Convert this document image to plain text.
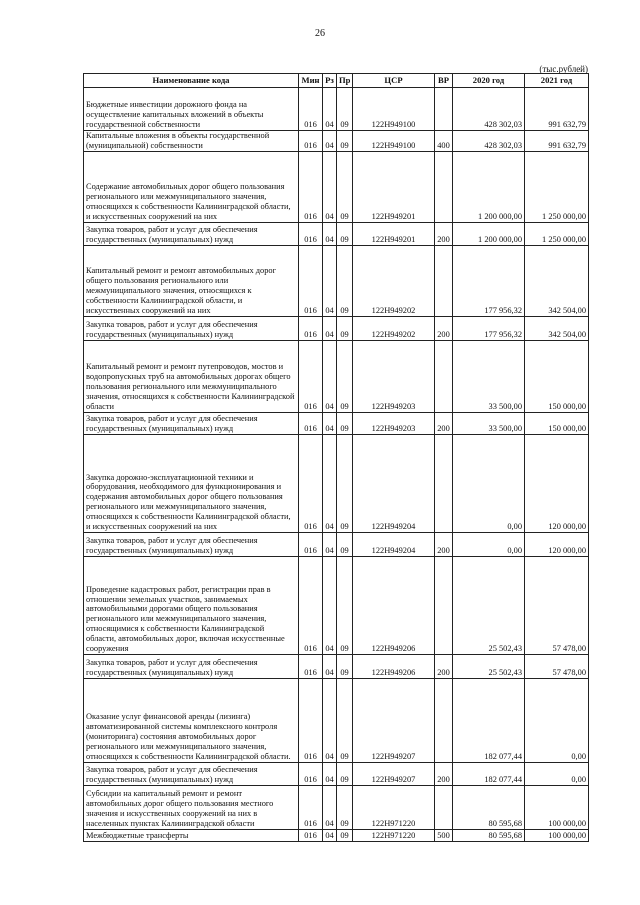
26
(тыс.рублей)
Наименование кода	Мин	Рз	Пр	ЦСР	ВР	2020 год	2021 год
Бюджетные инвестиции дорожного фонда на осуществление капитальных вложений в объекты государственной собственности	016	04	09	122Н949100		428 302,03	991 632,79
Капитальные вложения в объекты государственной (муниципальной) собственности	016	04	09	122Н949100	400	428 302,03	991 632,79
Содержание автомобильных дорог общего пользования регионального или межмуниципального значения, относящихся к собственности Калининградской области, и искусственных сооружений на них	016	04	09	122Н949201		1 200 000,00	1 250 000,00
Закупка товаров, работ и услуг для обеспечения государственных (муниципальных) нужд	016	04	09	122Н949201	200	1 200 000,00	1 250 000,00
Капитальный ремонт и ремонт автомобильных дорог общего пользования регионального или межмуниципального значения, относящихся к собственности Калининградской области, и искусственных сооружений на них	016	04	09	122Н949202		177 956,32	342 504,00
Закупка товаров, работ и услуг для обеспечения государственных (муниципальных) нужд	016	04	09	122Н949202	200	177 956,32	342 504,00
Капитальный ремонт и ремонт путепроводов, мостов и водопропускных труб на автомобильных дорогах общего пользования регионального или межмуниципального значения, относящихся к собственности Калининградской области	016	04	09	122Н949203		33 500,00	150 000,00
Закупка товаров, работ и услуг для обеспечения государственных (муниципальных) нужд	016	04	09	122Н949203	200	33 500,00	150 000,00
Закупка дорожно-эксплуатационной техники и оборудования, необходимого для функционирования и содержания автомобильных дорог общего пользования регионального или межмуниципального значения, относящихся к собственности Калининградской области, и искусственных сооружений на них	016	04	09	122Н949204		0,00	120 000,00
Закупка товаров, работ и услуг для обеспечения государственных (муниципальных) нужд	016	04	09	122Н949204	200	0,00	120 000,00
Проведение кадастровых работ, регистрации прав в отношении земельных участков, занимаемых автомобильными дорогами общего пользования регионального или межмуниципального значения, относящимися к собственности Калининградской области, автомобильных дорог, включая искусственные сооружения	016	04	09	122Н949206		25 502,43	57 478,00
Закупка товаров, работ и услуг для обеспечения государственных (муниципальных) нужд	016	04	09	122Н949206	200	25 502,43	57 478,00
Оказание услуг финансовой аренды (лизинга) автоматизированной системы комплексного контроля (мониторинга) состояния автомобильных дорог регионального или межмуниципального значения, относящихся к собственности Калининградской области.	016	04	09	122Н949207		182 077,44	0,00
Закупка товаров, работ и услуг для обеспечения государственных (муниципальных) нужд	016	04	09	122Н949207	200	182 077,44	0,00
Субсидии на капитальный ремонт и ремонт автомобильных дорог общего пользования местного значения и искусственных сооружений на них в населенных пунктах Калининградской области	016	04	09	122Н971220		80 595,68	100 000,00
Межбюджетные трансферты	016	04	09	122Н971220	500	80 595,68	100 000,00
